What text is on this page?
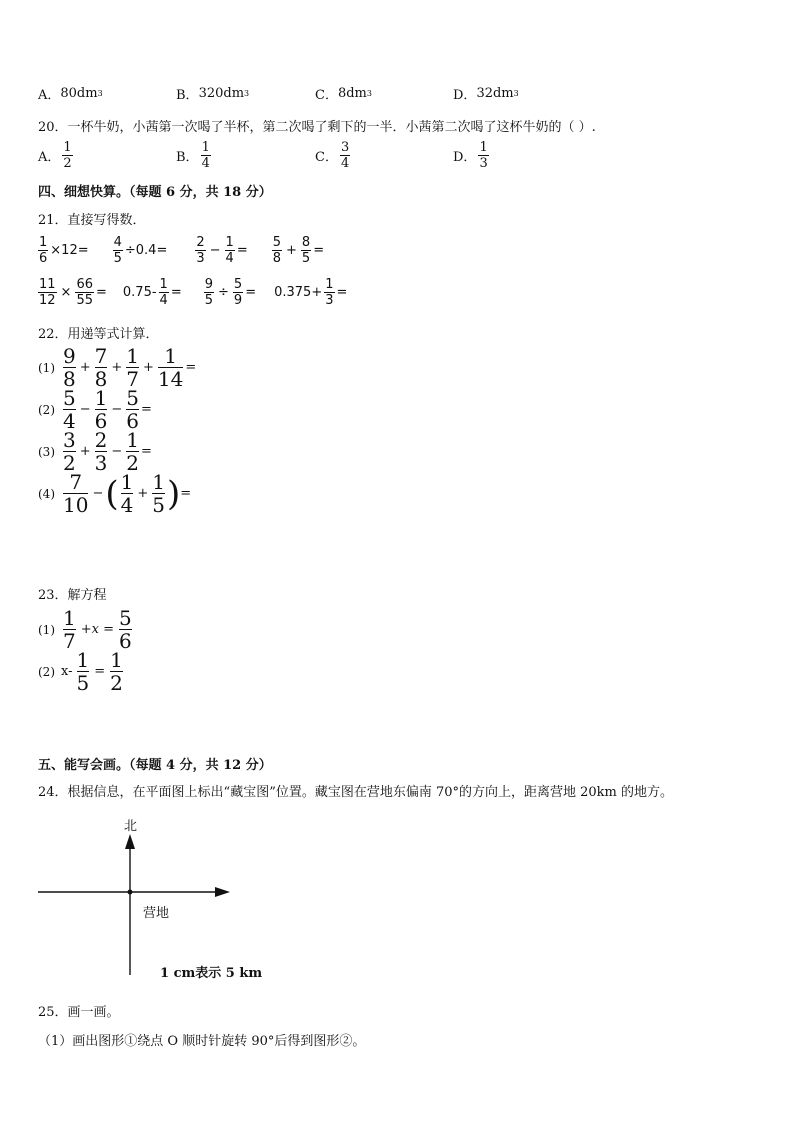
A． 80dm 3	B． 320dm 3	C． 8dm 3	D． 32dm 3
20．一杯牛奶，小茜第一次喝了半杯，第二次喝了剩下的一半．小茜第二次喝了这杯牛奶的（ ）.
A． $\frac{1}{2}$	B． $\frac{1}{4}$	C． $\frac{3}{4}$	D． $\frac{1}{3}$
四、细想快算。（每题 6 分，共 18 分）
21．直接写得数．
$\frac{1}{6} \times 12= \frac{4}{5} \div 0.4= \frac{2}{3} - \frac{1}{4} = \frac{5}{8} + \frac{8}{5}$ =
$\frac{11}{12} \times \frac{66}{55} = 0.75- \frac{1}{4} = \frac{9}{5} \div \frac{5}{9} = 0.375+ \frac{1}{3}$ =
22．用递等式计算．
$(1) \frac{9}{8} + \frac{7}{8} + \frac{1}{7} + \frac{1}{14}$ =
$(2) \frac{5}{4} - \frac{1}{6} - \frac{5}{6}$ =
$(3) \frac{3}{2} + \frac{2}{3} - \frac{1}{2}$ =
$(4) \frac{7}{10}$ − ( $\frac{1}{4} + \frac{1}{5}$ ) =
23．解方程
$(1) \frac{1}{7} +x = \frac{5}{6}$
(2) $x- \frac{1}{5} = \frac{1}{2}$
五、能写会画。（每题 4 分，共 12 分）
24．根据信息，在平面图上标出“藏宝图”位置。藏宝图在营地东偏南 70°的方向上，距离营地 20km 的地方。
北
营地
1 cm表示 5 km
25．画一画。
（1）画出图形①绕点 O 顺时针旋转 90°后得到图形②。
